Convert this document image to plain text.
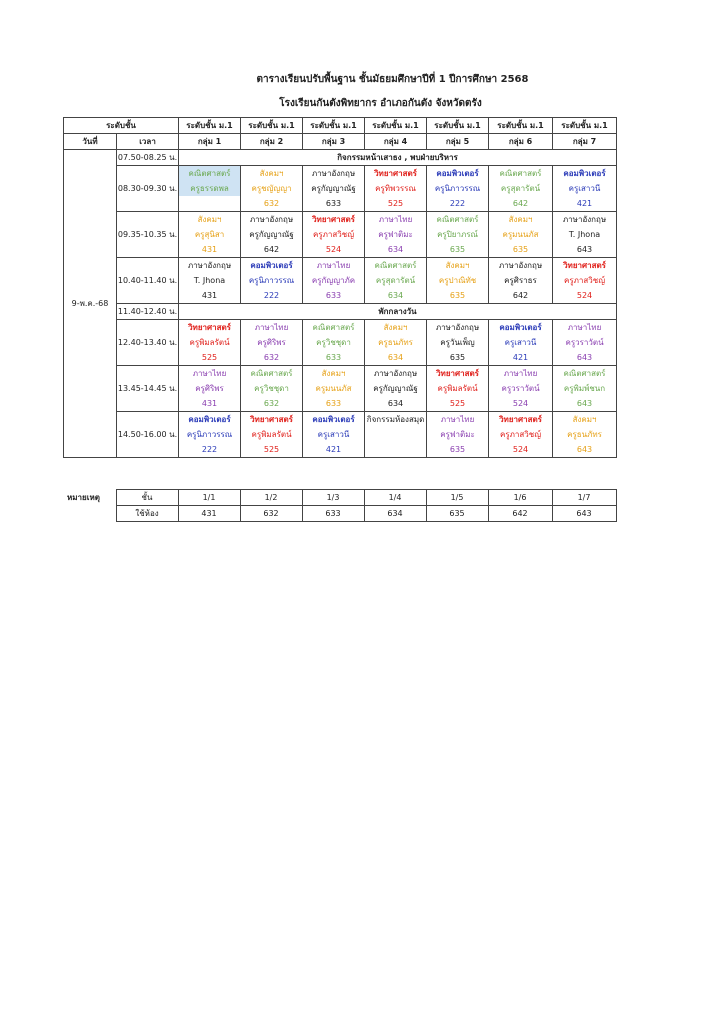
ตารางเรียนปรับพื้นฐาน ชั้นมัธยมศึกษาปีที่ 1 ปีการศึกษา 2568
โรงเรียนกันตังพิทยากร อำเภอกันตัง จังหวัดตรัง
ระดับชั้น		ระดับชั้น ม.1	ระดับชั้น ม.1	ระดับชั้น ม.1	ระดับชั้น ม.1	ระดับชั้น ม.1	ระดับชั้น ม.1	ระดับชั้น ม.1
วันที่	เวลา	กลุ่ม 1	กลุ่ม 2	กลุ่ม 3	กลุ่ม 4	กลุ่ม 5	กลุ่ม 6	กลุ่ม 7
9-พ.ค.-68	07.50-08.25 น.	กิจกรรมหน้าเสาธง , พบฝ่ายบริหาร						
	08.30-09.30 น.	คณิตศาสตร์	สังคมฯ	ภาษาอังกฤษ	วิทยาศาสตร์	คอมพิวเตอร์	คณิตศาสตร์	คอมพิวเตอร์
		ครูธรรดพล	ครูชญัญญา	ครูกัญญาณัฐ	ครูทิพวรรณ	ครูนิภาวรรณ	ครูสุดารัตน์	ครูเสาวนี
			632	633	525	222	642	421
	09.35-10.35 น.	สังคมฯ	ภาษาอังกฤษ	วิทยาศาสตร์	ภาษาไทย	คณิตศาสตร์	สังคมฯ	ภาษาอังกฤษ
		ครูสุนิสา	ครูกัญญาณัฐ	ครูภาสวิชญ์	ครูฟาติมะ	ครูปิยาภรณ์	ครูมนนภัส	T. Jhona
		431	642	524	634	635	635	643
	10.40-11.40 น.	ภาษาอังกฤษ	คอมพิวเตอร์	ภาษาไทย	คณิตศาสตร์	สังคมฯ	ภาษาอังกฤษ	วิทยาศาสตร์
		T. Jhona	ครูนิภาวรรณ	ครูกัญญาภัค	ครูสุดารัตน์	ครูปาณิทัช	ครูศิราธร	ครูภาสวิชญ์
		431	222	633	634	635	642	524
	11.40-12.40 น.	พักกลางวัน						
	12.40-13.40 น.	วิทยาศาสตร์	ภาษาไทย	คณิตศาสตร์	สังคมฯ	ภาษาอังกฤษ	คอมพิวเตอร์	ภาษาไทย
		ครูพิมลรัตน์	ครูศิริพร	ครูวิชชุดา	ครูธนภัทร	ครูวันเพ็ญ	ครูเสาวนี	ครูวราวัตน์
		525	632	633	634	635	421	643
	13.45-14.45 น.	ภาษาไทย	คณิตศาสตร์	สังคมฯ	ภาษาอังกฤษ	วิทยาศาสตร์	ภาษาไทย	คณิตศาสตร์
		ครูศิริพร	ครูวิชชุดา	ครูมนนภัส	ครูกัญญาณัฐ	ครูพิมลรัตน์	ครูวราวัตน์	ครูพิมพ์ชนก
		431	632	633	634	525	524	643
	14.50-16.00 น.	คอมพิวเตอร์	วิทยาศาสตร์	คอมพิวเตอร์	กิจกรรมห้องสมุด	ภาษาไทย	วิทยาศาสตร์	สังคมฯ
		ครูนิภาวรรณ	ครูพิมลรัตน์	ครูเสาวนี		ครูฟาติมะ	ครูภาสวิชญ์	ครูธนภัทร
		222	525	421		635	524	643
หมายเหตุ	ชั้น	1/1	1/2	1/3	1/4	1/5	1/6	1/7
	ใช้ห้อง	431	632	633	634	635	642	643
